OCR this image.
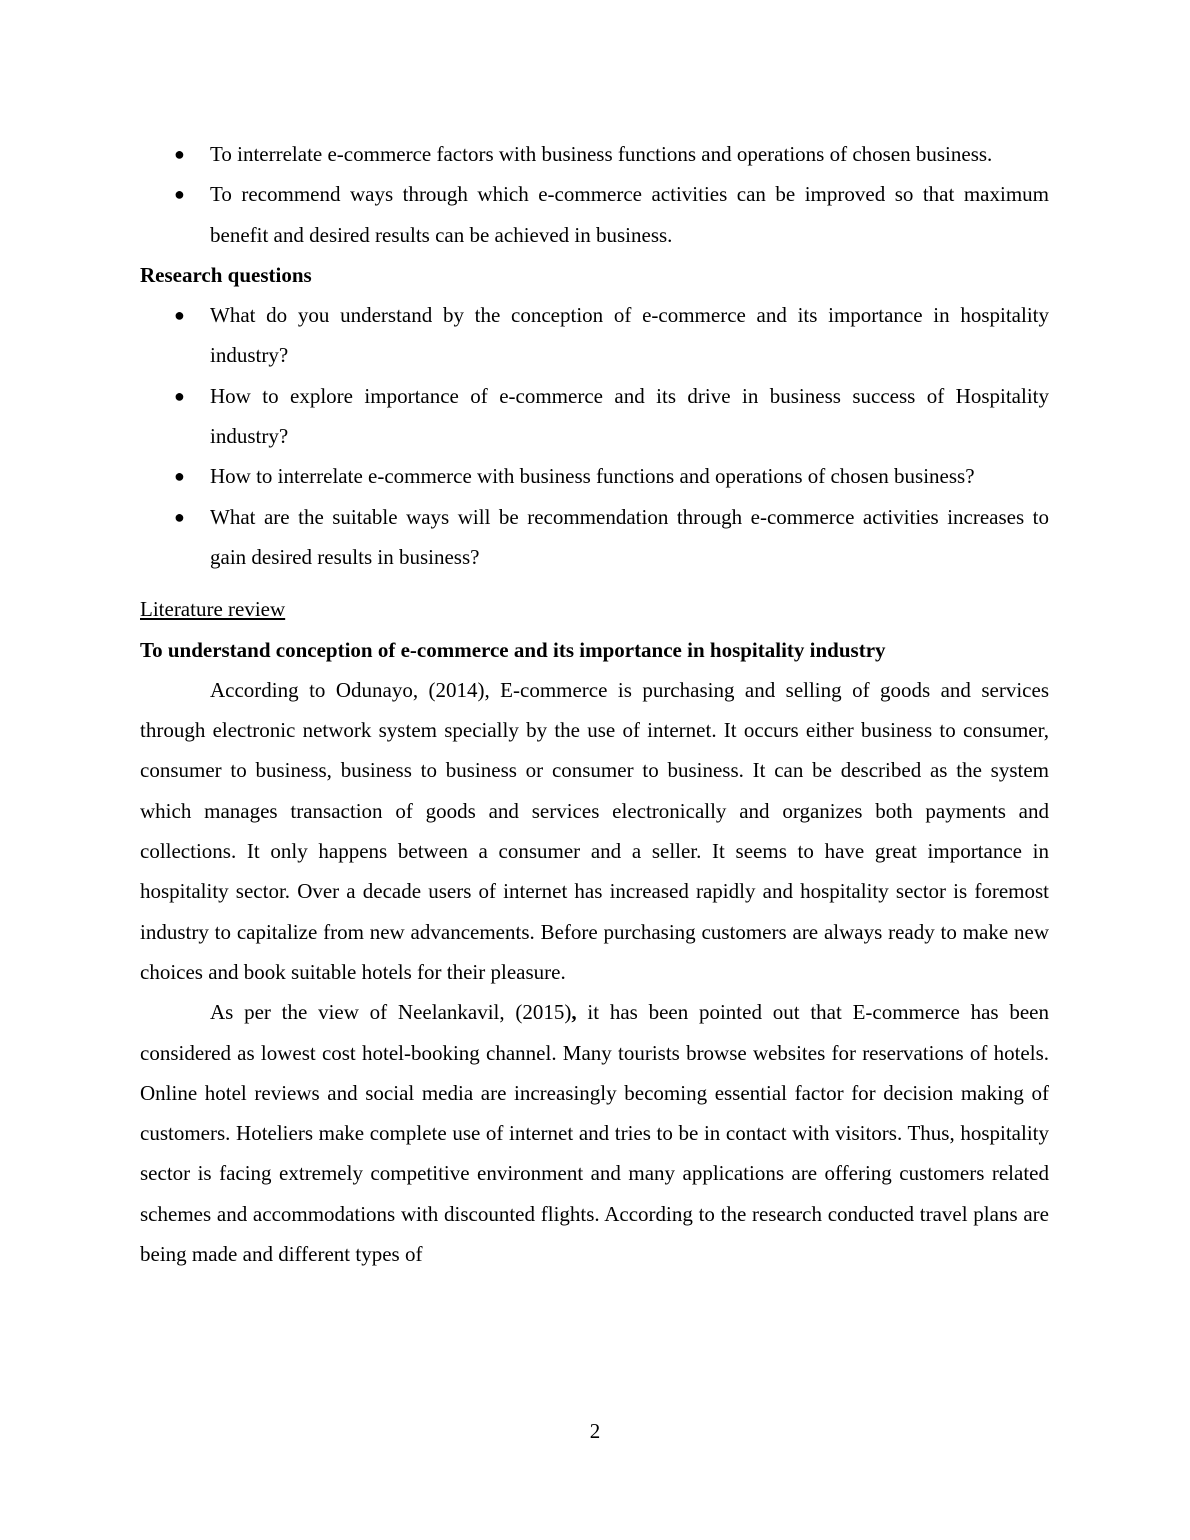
● To interrelate e-commerce factors with business functions and operations of chosen business.
● To recommend ways through which e-commerce activities can be improved so that maximum benefit and desired results can be achieved in business.
Research questions
● What do you understand by the conception of e-commerce and its importance in hospitality industry?
● How to explore importance of e-commerce and its drive in business success of Hospitality industry?
● How to interrelate e-commerce with business functions and operations of chosen business?
● What are the suitable ways will be recommendation through e-commerce activities increases to gain desired results in business?
Literature review
To understand conception of e-commerce and its importance in hospitality industry

According to Odunayo, (2014), E-commerce is purchasing and selling of goods and services through electronic network system specially by the use of internet. It occurs either business to consumer, consumer to business, business to business or consumer to business. It can be described as the system which manages transaction of goods and services electronically and organizes both payments and collections. It only happens between a consumer and a seller. It seems to have great importance in hospitality sector. Over a decade users of internet has increased rapidly and hospitality sector is foremost industry to capitalize from new advancements. Before purchasing customers are always ready to make new choices and book suitable hotels for their pleasure.

As per the view of Neelankavil, (2015), it has been pointed out that E-commerce has been considered as lowest cost hotel-booking channel. Many tourists browse websites for reservations of hotels. Online hotel reviews and social media are increasingly becoming essential factor for decision making of customers. Hoteliers make complete use of internet and tries to be in contact with visitors. Thus, hospitality sector is facing extremely competitive environment and many applications are offering customers related schemes and accommodations with discounted flights. According to the research conducted travel plans are being made and different types of

2
